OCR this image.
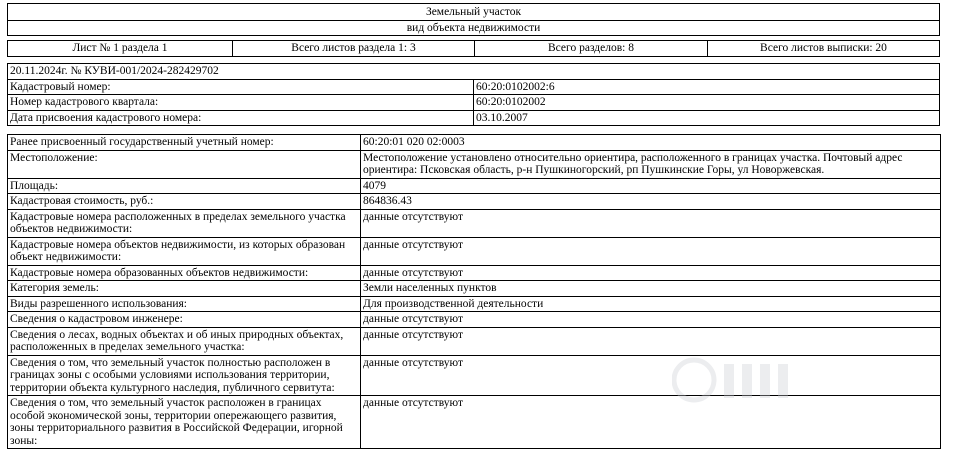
Земельный участок
вид объекта недвижимости
Лист № 1 раздела 1	Всего листов раздела 1: 3	Всего разделов: 8	Всего листов выписки: 20
20.11.2024г. № КУВИ-001/2024-282429702	
Кадастровый номер:	60:20:0102002:6
Номер кадастрового квартала:	60:20:0102002
Дата присвоения кадастрового номера:	03.10.2007
Ранее присвоенный государственный учетный номер:	60:20:01 020 02:0003
Местоположение:	Местоположение установлено относительно ориентира, расположенного в границах участка. Почтовый адрес ориентира: Псковская область, р-н Пушкиногорский, рп Пушкинские Горы, ул Новоржевская.
Площадь:	4079
Кадастровая стоимость, руб.:	864836.43
Кадастровые номера расположенных в пределах земельного участка объектов недвижимости:	данные отсутствуют
Кадастровые номера объектов недвижимости, из которых образован объект недвижимости:	данные отсутствуют
Кадастровые номера образованных объектов недвижимости:	данные отсутствуют
Категория земель:	Земли населенных пунктов
Виды разрешенного использования:	Для производственной деятельности
Сведения о кадастровом инженере:	данные отсутствуют
Сведения о лесах, водных объектах и об иных природных объектах, расположенных в пределах земельного участка:	данные отсутствуют
Сведения о том, что земельный участок полностью расположен в границах зоны с особыми условиями использования территории, территории объекта культурного наследия, публичного сервитута:	данные отсутствуют
Сведения о том, что земельный участок расположен в границах особой экономической зоны, территории опережающего развития, зоны территориального развития в Российской Федерации, игорной зоны:	данные отсутствуют
